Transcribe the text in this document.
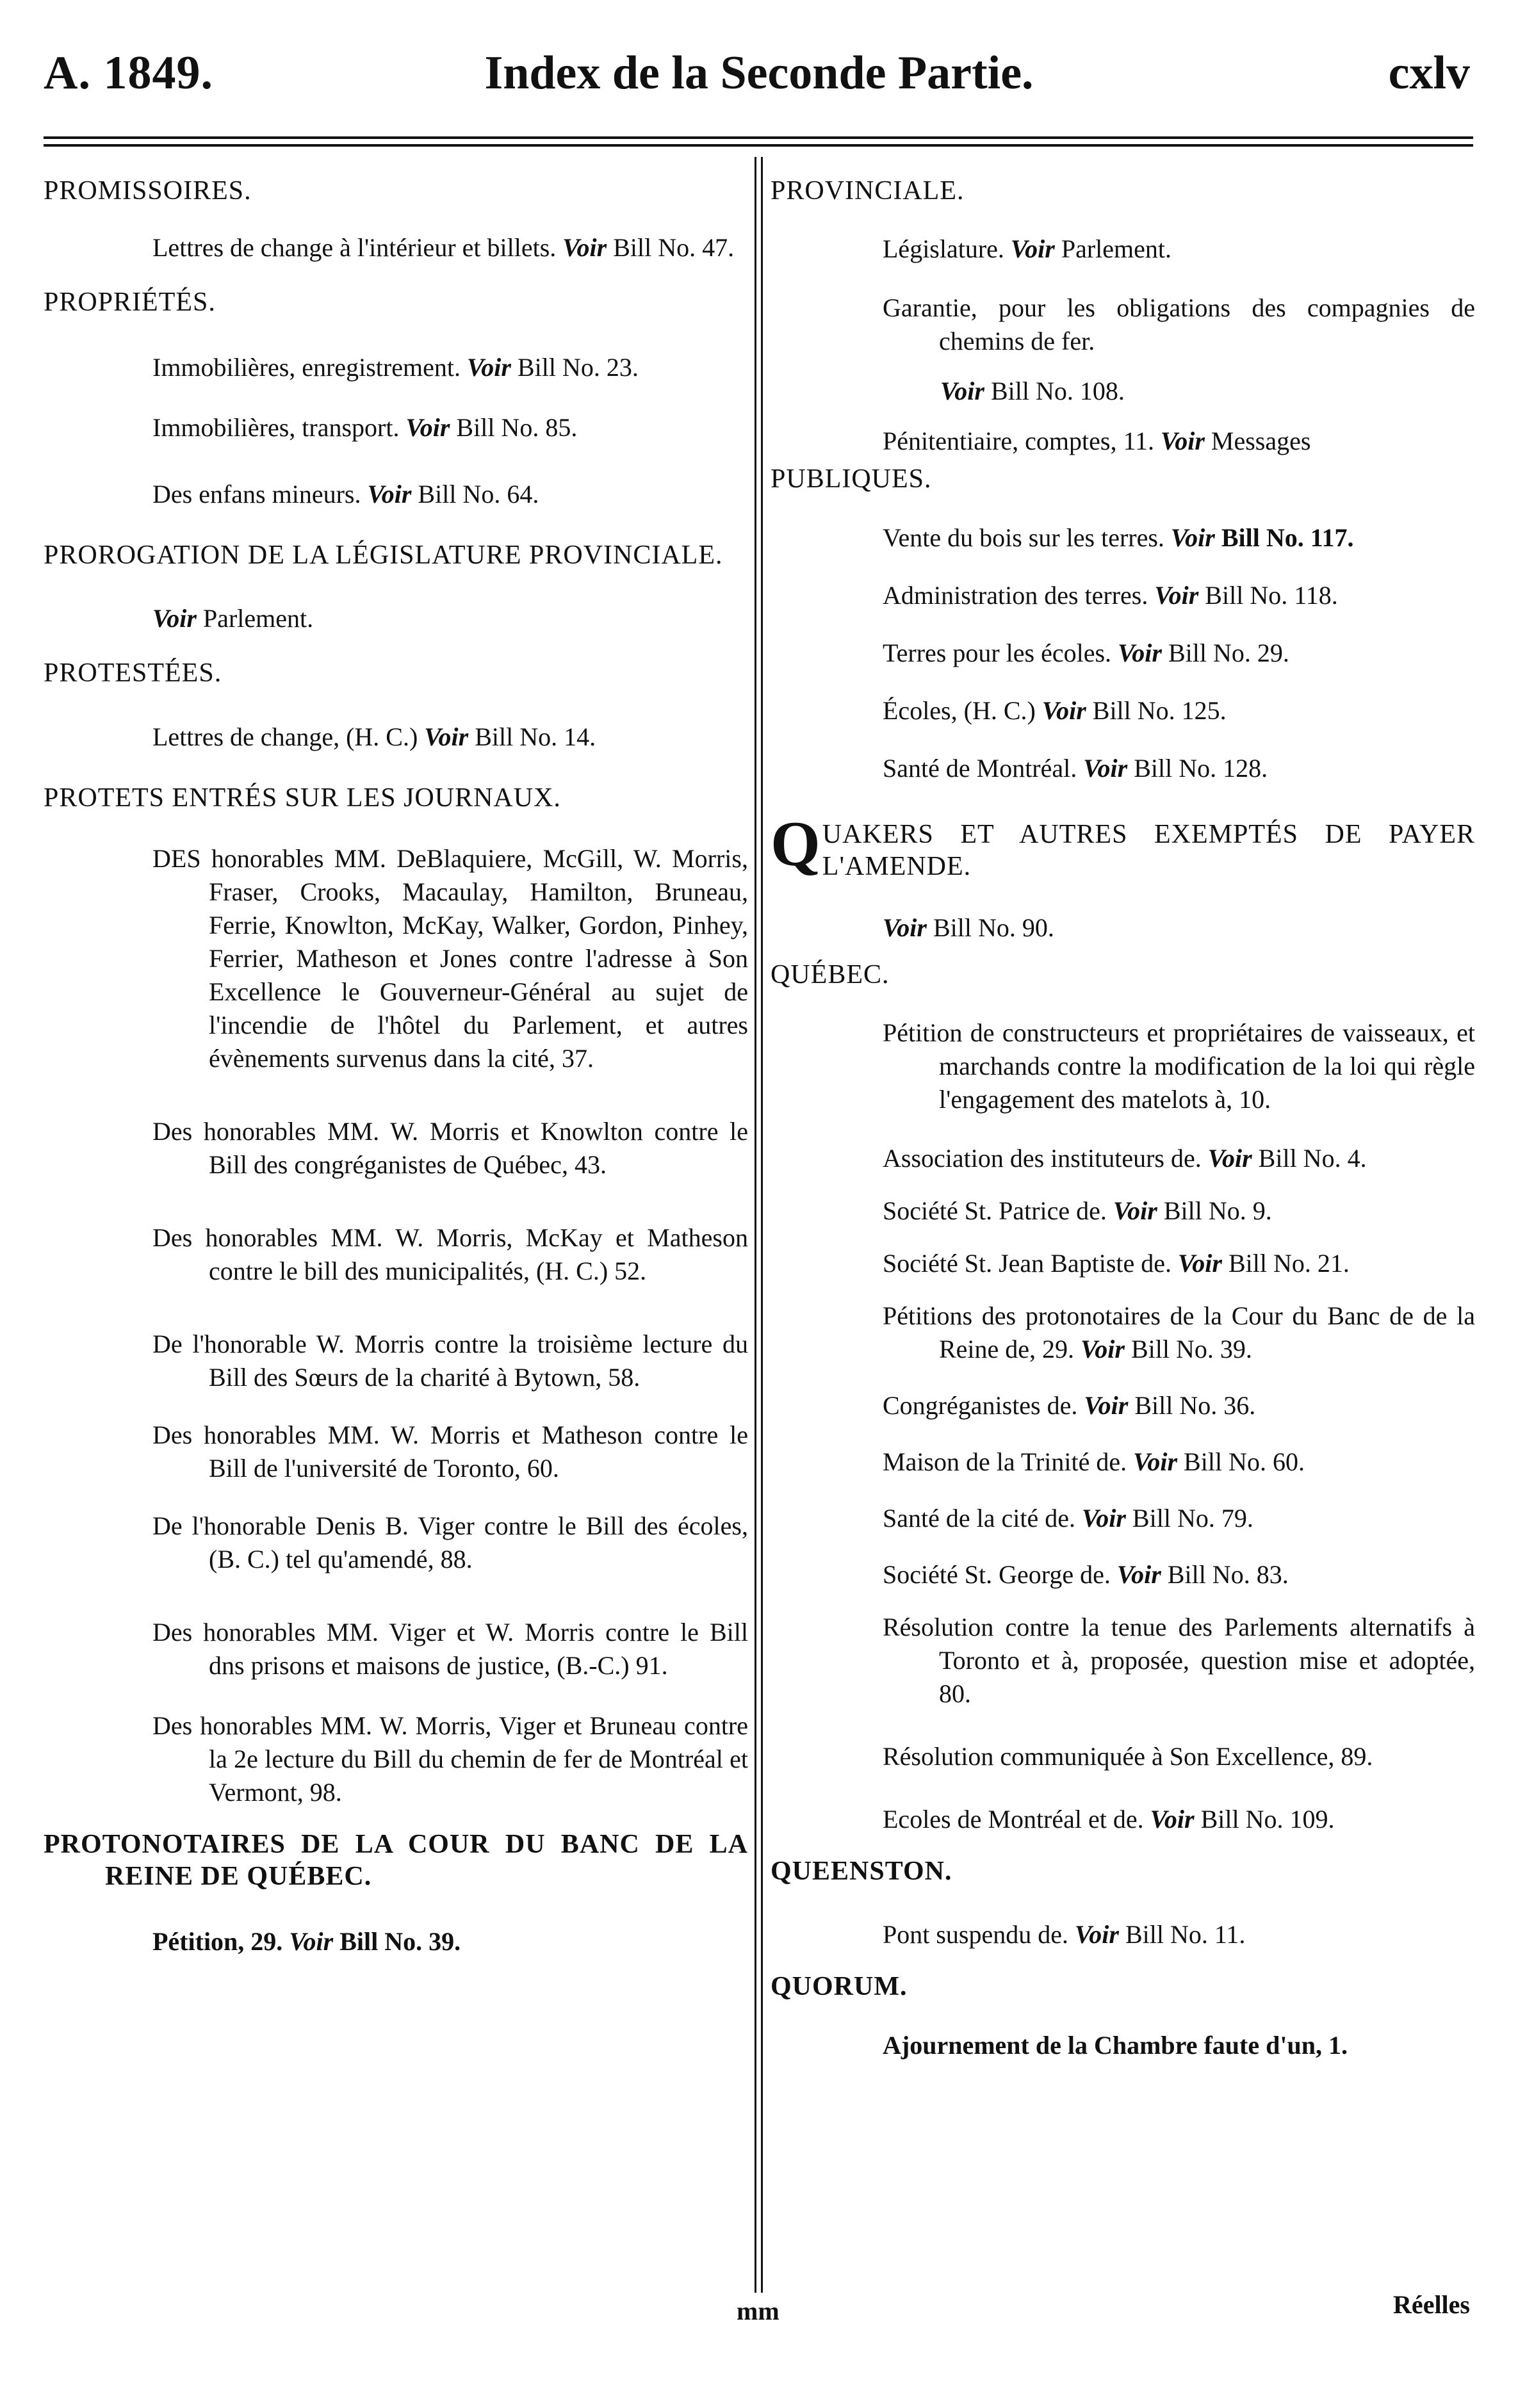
A. 1849.	Index de la Seconde Partie.	cxlv
PROMISSOIRES.
Lettres de change à l'intérieur et billets. Voir Bill No. 47.
PROPRIÉTÉS.
Immobilières, enregistrement. Voir Bill No. 23.
Immobilières, transport. Voir Bill No. 85.
Des enfans mineurs. Voir Bill No. 64.
PROROGATION DE LA LÉGISLATURE PROVINCIALE.
Voir Parlement.
PROTESTÉES.
Lettres de change, (H. C.) Voir Bill No. 14.
PROTETS ENTRÉS SUR LES JOURNAUX.
DES honorables MM. DeBlaquiere, McGill, W. Morris, Fraser, Crooks, Macaulay, Hamilton, Bruneau, Ferrie, Knowlton, McKay, Walker, Gordon, Pinhey, Ferrier, Matheson et Jones contre l'adresse à Son Excellence le Gouverneur-Général au sujet de l'incendie de l'hôtel du Parlement, et autres évènements survenus dans la cité, 37.
Des honorables MM. W. Morris et Knowlton contre le Bill des congréganistes de Québec, 43.
Des honorables MM. W. Morris, McKay et Matheson contre le bill des municipalités, (H. C.) 52.
De l'honorable W. Morris contre la troisième lecture du Bill des Sœurs de la charité à Bytown, 58.
Des honorables MM. W. Morris et Matheson contre le Bill de l'université de Toronto, 60.
De l'honorable Denis B. Viger contre le Bill des écoles, (B. C.) tel qu'amendé, 88.
Des honorables MM. Viger et W. Morris contre le Bill dns prisons et maisons de justice, (B.-C.) 91.
Des honorables MM. W. Morris, Viger et Bruneau contre la 2e lecture du Bill du chemin de fer de Montréal et Vermont, 98.
PROTONOTAIRES DE LA COUR DU BANC DE LA REINE DE QUÉBEC.
Pétition, 29. Voir Bill No. 39.
PROVINCIALE.
Législature. Voir Parlement.
Garantie, pour les obligations des compagnies de chemins de fer.
Voir Bill No. 108.
Pénitentiaire, comptes, 11. Voir Messages
PUBLIQUES.
Vente du bois sur les terres. Voir Bill No. 117.
Administration des terres. Voir Bill No. 118.
Terres pour les écoles. Voir Bill No. 29.
Écoles, (H. C.) Voir Bill No. 125.
Santé de Montréal. Voir Bill No. 128.
QUAKERS ET AUTRES EXEMPTÉS DE PAYER L'AMENDE.
Voir Bill No. 90.
QUÉBEC.
Pétition de constructeurs et propriétaires de vaisseaux, et marchands contre la modification de la loi qui règle l'engagement des matelots à, 10.
Association des instituteurs de. Voir Bill No. 4.
Société St. Patrice de. Voir Bill No. 9.
Société St. Jean Baptiste de. Voir Bill No. 21.
Pétitions des protonotaires de la Cour du Banc de de la Reine de, 29. Voir Bill No. 39.
Congréganistes de. Voir Bill No. 36.
Maison de la Trinité de. Voir Bill No. 60.
Santé de la cité de. Voir Bill No. 79.
Société St. George de. Voir Bill No. 83.
Résolution contre la tenue des Parlements alternatifs à Toronto et à, proposée, question mise et adoptée, 80.
Résolution communiquée à Son Excellence, 89.
Ecoles de Montréal et de. Voir Bill No. 109.
QUEENSTON.
Pont suspendu de. Voir Bill No. 11.
QUORUM.
Ajournement de la Chambre faute d'un, 1.
mm	Réelles
